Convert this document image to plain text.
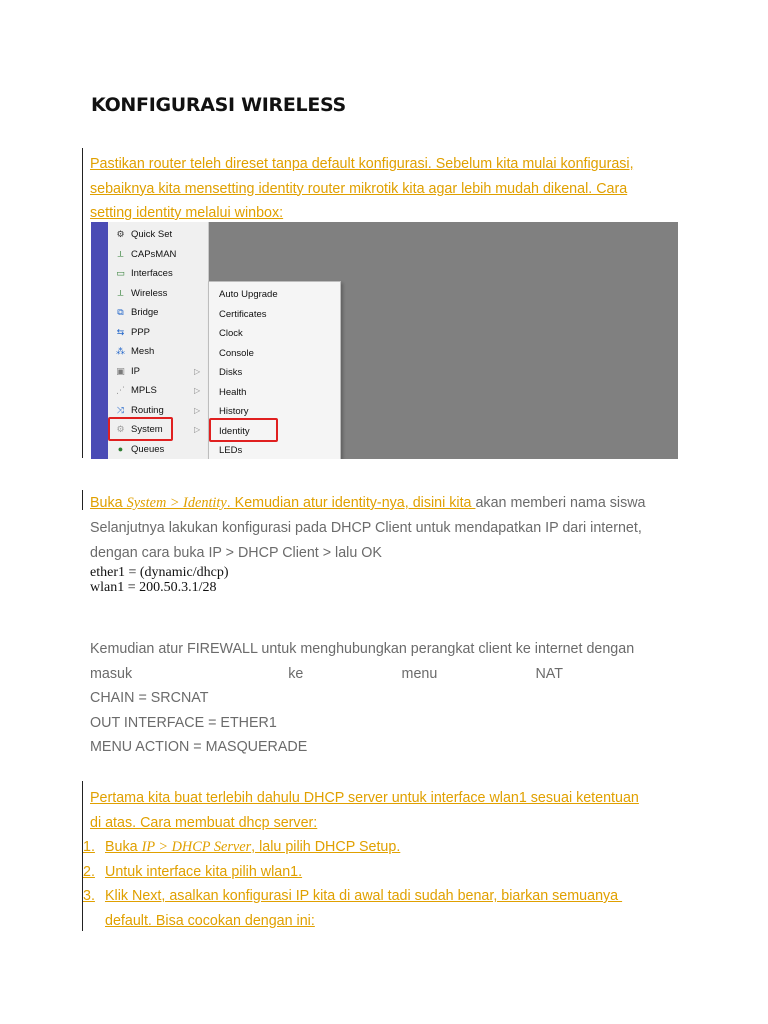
KONFIGURASI WIRELESS
Pastikan router teleh direset tanpa default konfigurasi. Sebelum kita mulai konfigurasi,
sebaiknya kita mensetting identity router mikrotik kita agar lebih mudah dikenal. Cara
setting identity melalui winbox:
⚙ Quick Set
⟂ CAPsMAN
▭ Interfaces
⟂ Wireless
⧉ Bridge
⇆ PPP
⁂ Mesh
▣ IP	▷
⋰ MPLS	▷
⤨ Routing	▷
⚙ System	▷
● Queues
Auto Upgrade
Certificates
Clock
Console
Disks
Health
History
Identity
LEDs
Buka System > Identity. Kemudian atur identity-nya, disini kita akan memberi nama siswa
Selanjutnya lakukan konfigurasi pada DHCP Client untuk mendapatkan IP dari internet,
dengan cara buka IP > DHCP Client > lalu OK
ether1 = (dynamic/dhcp)
wlan1 = 200.50.3.1/28
Kemudian atur FIREWALL untuk menghubungkan perangkat client ke internet dengan
masuk	ke	menu	NAT
CHAIN = SRCNAT
OUT INTERFACE = ETHER1
MENU ACTION = MASQUERADE
Pertama kita buat terlebih dahulu DHCP server untuk interface wlan1 sesuai ketentuan
di atas. Cara membuat dhcp server:
1. Buka IP > DHCP Server, lalu pilih DHCP Setup.
2. Untuk interface kita pilih wlan1.
3. Klik Next, asalkan konfigurasi IP kita di awal tadi sudah benar, biarkan semuanya
default. Bisa cocokan dengan ini:
